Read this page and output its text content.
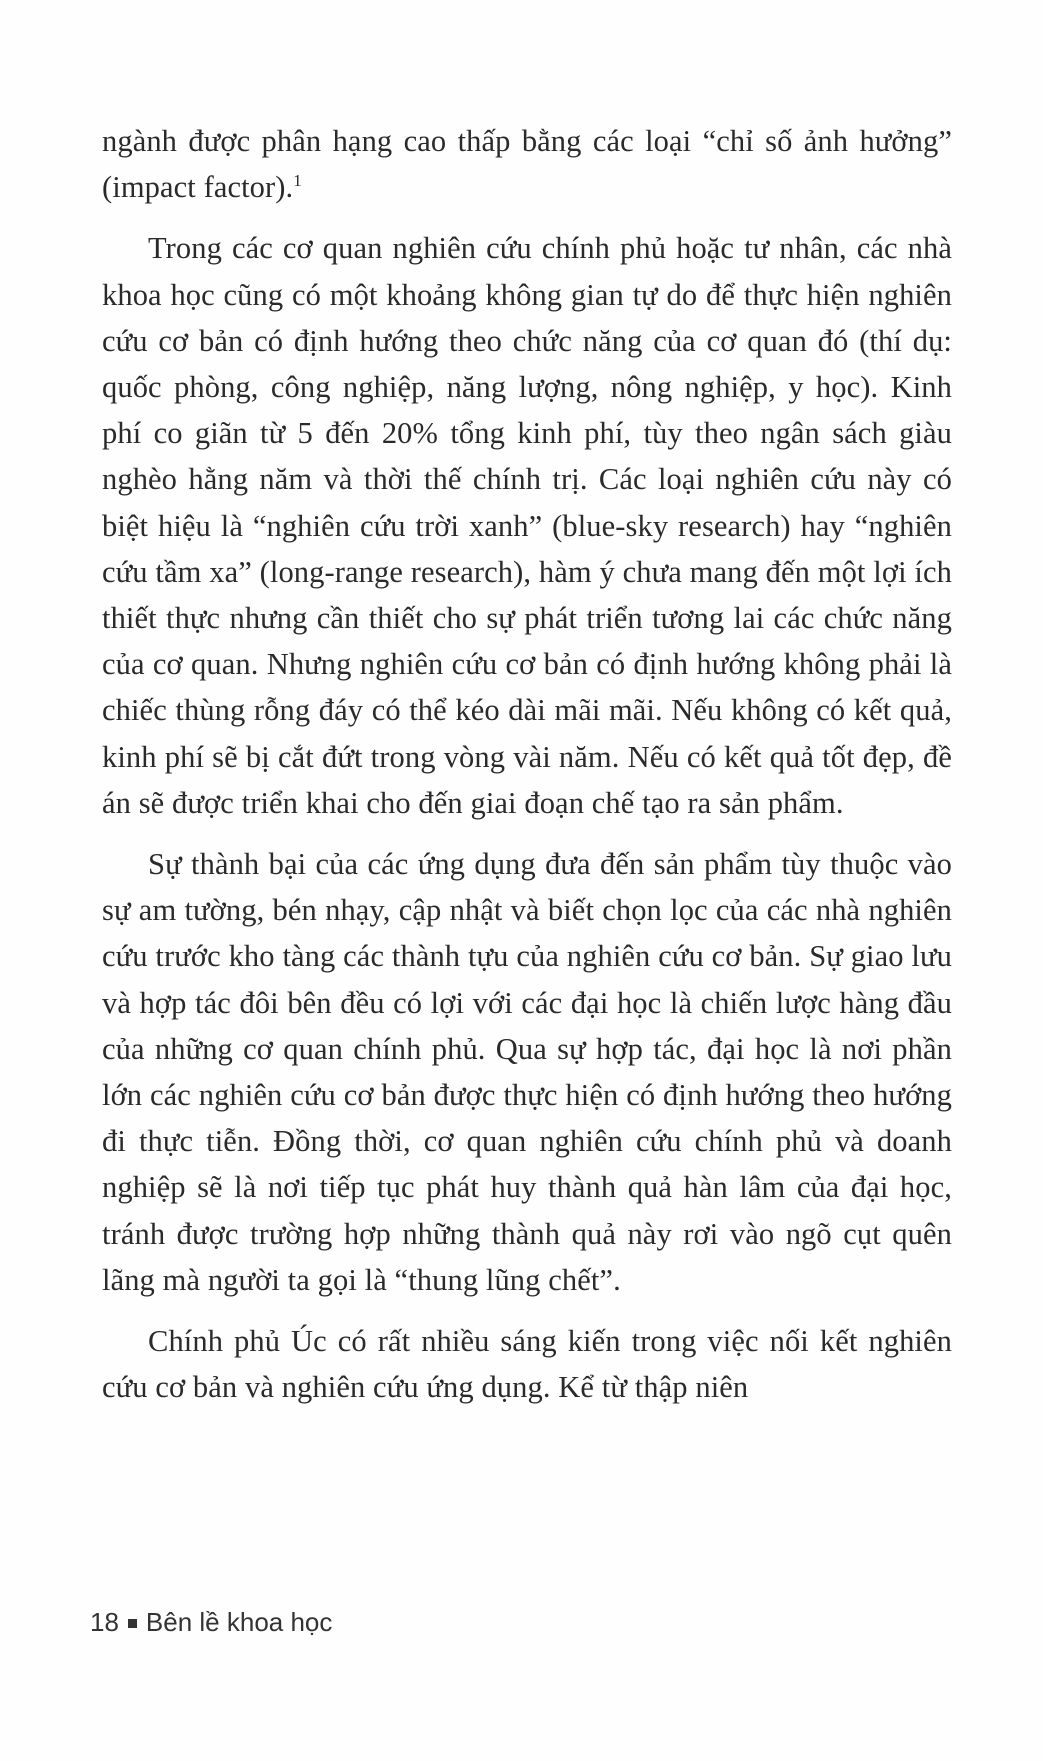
ngành được phân hạng cao thấp bằng các loại “chỉ số ảnh hưởng” (impact factor).$^1$

Trong các cơ quan nghiên cứu chính phủ hoặc tư nhân, các nhà khoa học cũng có một khoảng không gian tự do để thực hiện nghiên cứu cơ bản có định hướng theo chức năng của cơ quan đó (thí dụ: quốc phòng, công nghiệp, năng lượng, nông nghiệp, y học). Kinh phí co giãn từ 5 đến 20% tổng kinh phí, tùy theo ngân sách giàu nghèo hằng năm và thời thế chính trị. Các loại nghiên cứu này có biệt hiệu là “nghiên cứu trời xanh” (blue-sky research) hay “nghiên cứu tầm xa” (long-range research), hàm ý chưa mang đến một lợi ích thiết thực nhưng cần thiết cho sự phát triển tương lai các chức năng của cơ quan. Nhưng nghiên cứu cơ bản có định hướng không phải là chiếc thùng rỗng đáy có thể kéo dài mãi mãi. Nếu không có kết quả, kinh phí sẽ bị cắt đứt trong vòng vài năm. Nếu có kết quả tốt đẹp, đề án sẽ được triển khai cho đến giai đoạn chế tạo ra sản phẩm.

Sự thành bại của các ứng dụng đưa đến sản phẩm tùy thuộc vào sự am tường, bén nhạy, cập nhật và biết chọn lọc của các nhà nghiên cứu trước kho tàng các thành tựu của nghiên cứu cơ bản. Sự giao lưu và hợp tác đôi bên đều có lợi với các đại học là chiến lược hàng đầu của những cơ quan chính phủ. Qua sự hợp tác, đại học là nơi phần lớn các nghiên cứu cơ bản được thực hiện có định hướng theo hướng đi thực tiễn. Đồng thời, cơ quan nghiên cứu chính phủ và doanh nghiệp sẽ là nơi tiếp tục phát huy thành quả hàn lâm của đại học, tránh được trường hợp những thành quả này rơi vào ngõ cụt quên lãng mà người ta gọi là “thung lũng chết”.

Chính phủ Úc có rất nhiều sáng kiến trong việc nối kết nghiên cứu cơ bản và nghiên cứu ứng dụng. Kể từ thập niên

18 Bên lề khoa học
